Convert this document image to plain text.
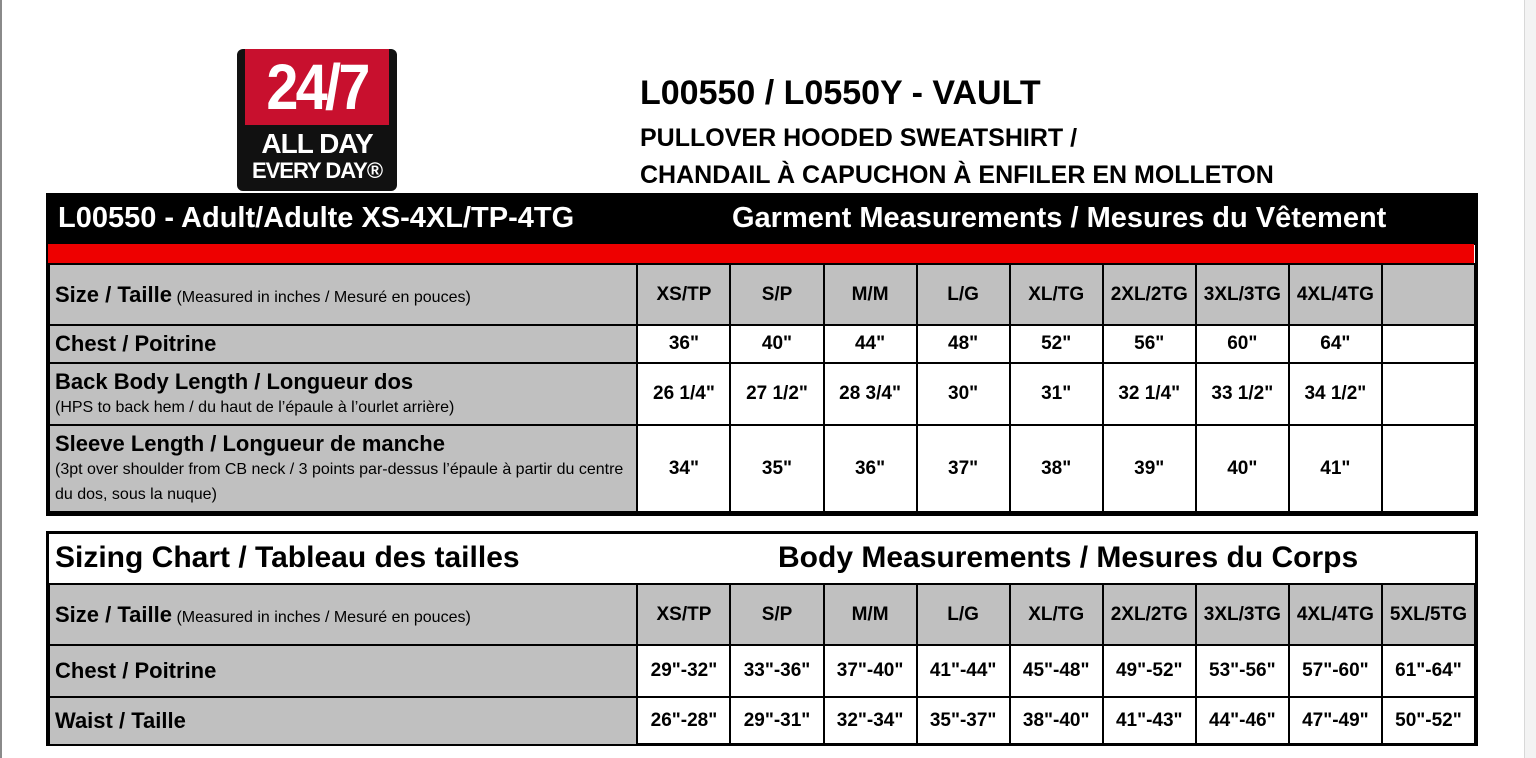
24/7
ALL DAY
EVERY DAY®
L00550 / L0550Y - VAULT
PULLOVER HOODED SWEATSHIRT /
CHANDAIL À CAPUCHON À ENFILER EN MOLLETON
L00550 - Adult/Adulte XS-4XL/TP-4TG	Garment Measurements / Mesures du Vêtement
Size / Taille (Measured in inches / Mesuré en pouces)	XS/TP	S/P	M/M	L/G	XL/TG	2XL/2TG	3XL/3TG	4XL/4TG	
Chest / Poitrine	36"	40"	44"	48"	52"	56"	60"	64"	
Back Body Length / Longueur dos
(HPS to back hem / du haut de l’épaule à l’ourlet arrière)	26 1/4"	27 1/2"	28 3/4"	30"	31"	32 1/4"	33 1/2"	34 1/2"	
Sleeve Length / Longueur de manche
(3pt over shoulder from CB neck / 3 points par-dessus l’épaule à partir du centre du dos, sous la nuque)	34"	35"	36"	37"	38"	39"	40"	41"	
Sizing Chart / Tableau des tailles	Body Measurements / Mesures du Corps
Size / Taille (Measured in inches / Mesuré en pouces)	XS/TP	S/P	M/M	L/G	XL/TG	2XL/2TG	3XL/3TG	4XL/4TG	5XL/5TG
Chest / Poitrine	29"-32"	33"-36"	37"-40"	41"-44"	45"-48"	49"-52"	53"-56"	57"-60"	61"-64"
Waist / Taille	26"-28"	29"-31"	32"-34"	35"-37"	38"-40"	41"-43"	44"-46"	47"-49"	50"-52"
